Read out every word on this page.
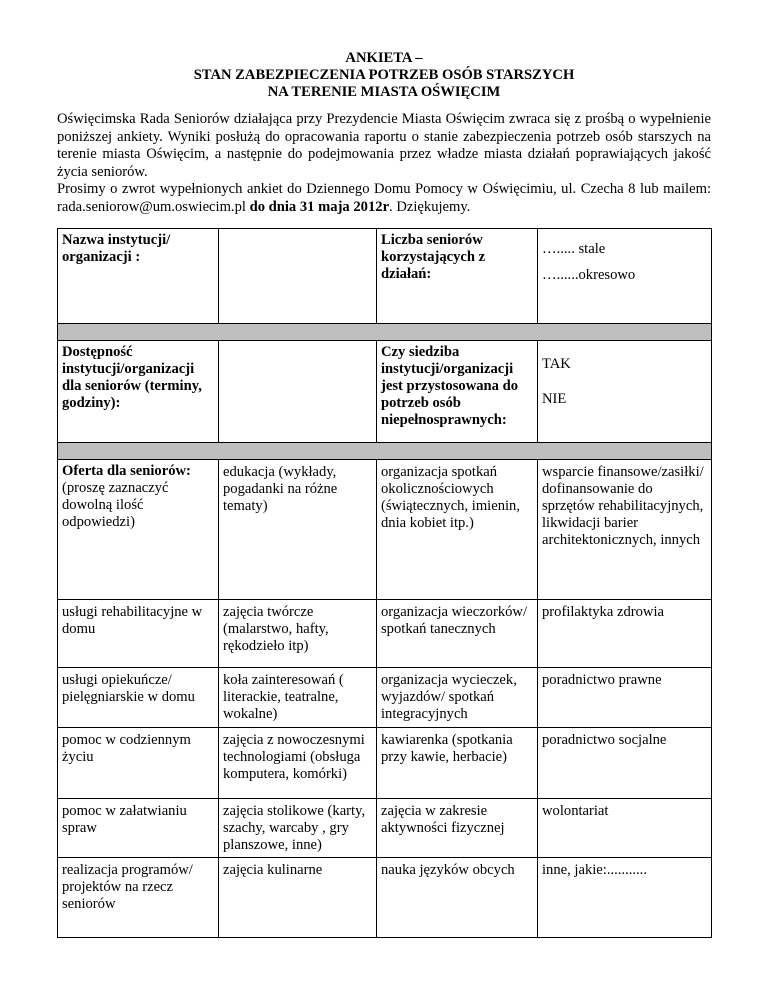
ANKIETA –
STAN ZABEZPIECZENIA POTRZEB OSÓB STARSZYCH
NA TERENIE MIASTA OŚWIĘCIM

Oświęcimska Rada Seniorów działająca przy Prezydencie Miasta Oświęcim zwraca się z prośbą o wypełnienie poniższej ankiety. Wyniki posłużą do opracowania raportu o stanie zabezpieczenia potrzeb osób starszych na terenie miasta Oświęcim, a następnie do podejmowania przez władze miasta działań poprawiających jakość życia seniorów.

Prosimy o zwrot wypełnionych ankiet do Dziennego Domu Pomocy w Oświęcimiu, ul. Czecha 8 lub mailem: rada.seniorow@um.oswiecim.pl do dnia 31 maja 2012r. Dziękujemy.

Nazwa instytucji/ organizacji :		Liczba seniorów korzystających z działań:	…..... stale
…......okresowo

Dostępność instytucji/organizacji dla seniorów (terminy, godziny):		Czy siedziba instytucji/organizacji jest przystosowana do potrzeb osób niepełnosprawnych:	TAK
NIE

Oferta dla seniorów:
(proszę zaznaczyć dowolną ilość odpowiedzi)	edukacja (wykłady, pogadanki na różne tematy)	organizacja spotkań okolicznościowych (świątecznych, imienin, dnia kobiet itp.)	wsparcie finansowe/zasiłki/ dofinansowanie do sprzętów rehabilitacyjnych, likwidacji barier architektonicznych, innych
usługi rehabilitacyjne w domu	zajęcia twórcze (malarstwo, hafty, rękodzieło itp)	organizacja wieczorków/ spotkań tanecznych	profilaktyka zdrowia
usługi opiekuńcze/ pielęgniarskie w domu	koła zainteresowań ( literackie, teatralne, wokalne)	organizacja wycieczek, wyjazdów/ spotkań integracyjnych	poradnictwo prawne
pomoc w codziennym życiu	zajęcia z nowoczesnymi technologiami (obsługa komputera, komórki)	kawiarenka (spotkania przy kawie, herbacie)	poradnictwo socjalne
pomoc w załatwianiu spraw	zajęcia stolikowe (karty, szachy, warcaby , gry planszowe, inne)	zajęcia w zakresie aktywności fizycznej	wolontariat
realizacja programów/ projektów na rzecz seniorów	zajęcia kulinarne	nauka języków obcych	inne, jakie:...........
